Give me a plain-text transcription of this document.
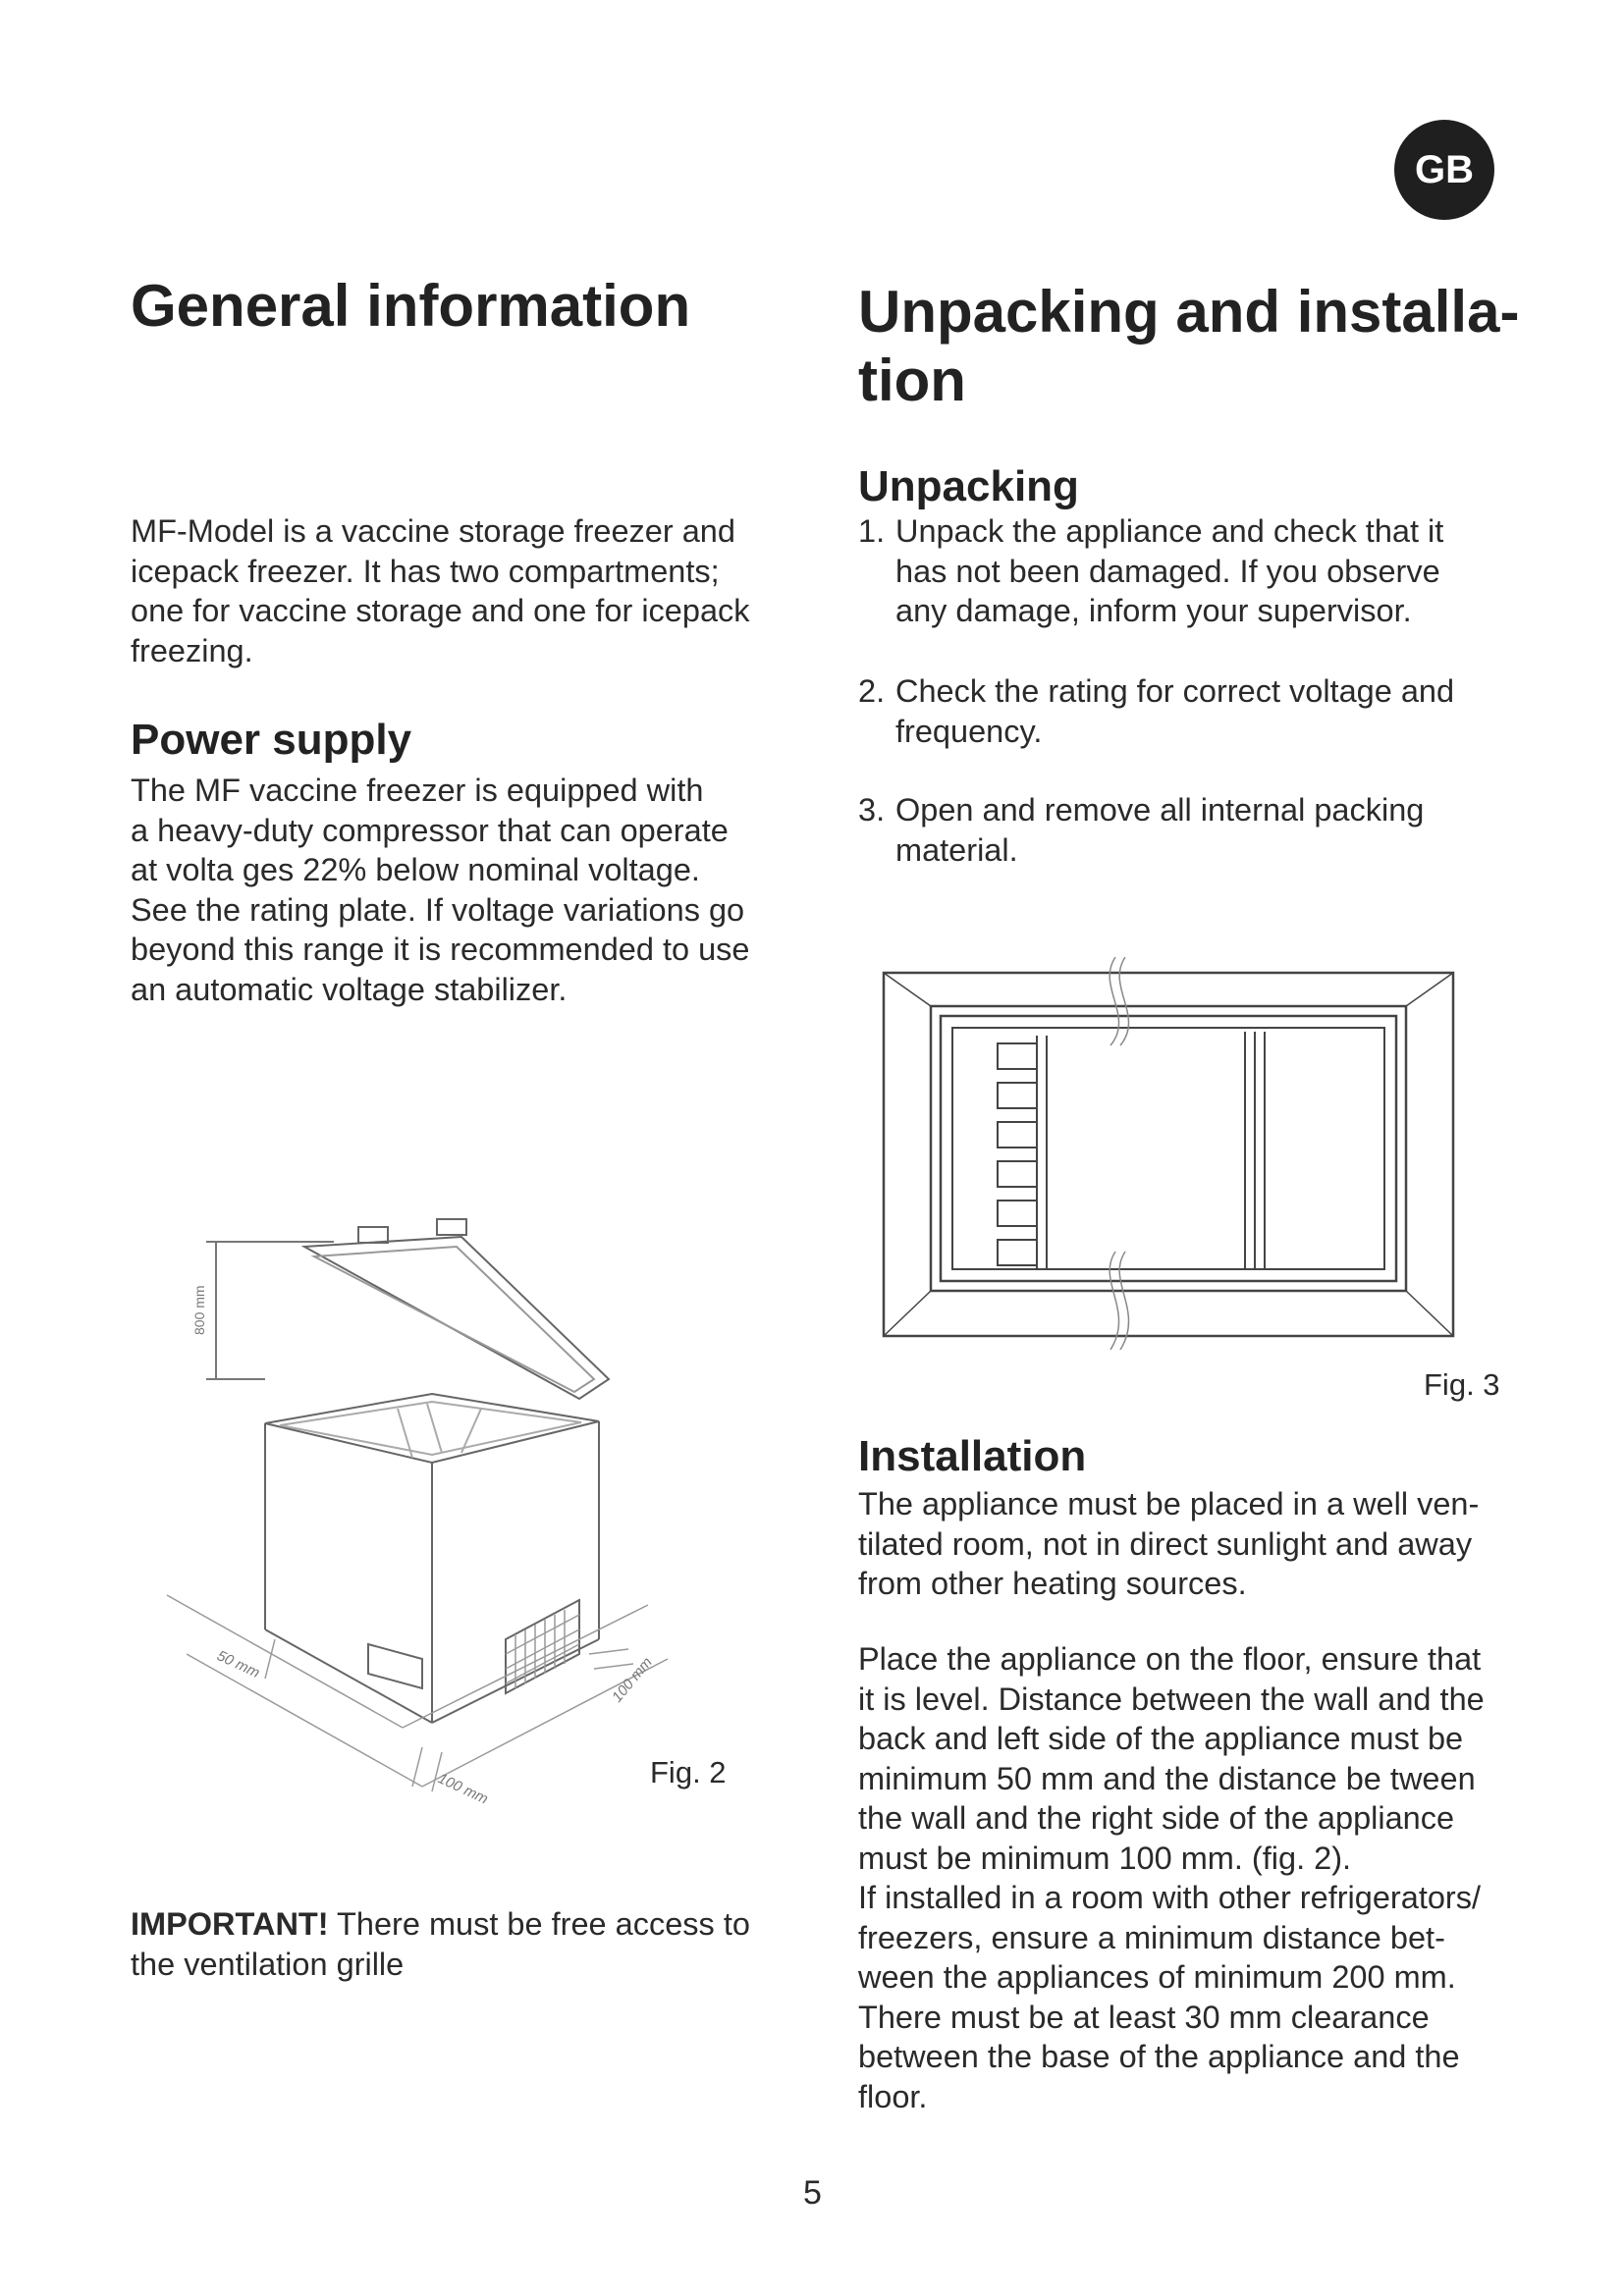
GB
General information
MF-Model is a vaccine storage freezer and
icepack freezer. It has two compartments;
one for vaccine storage and one for icepack
freezing.
Power supply
The MF vaccine freezer is equipped with
a heavy-duty compressor that can operate
at volta ges 22% below nominal voltage.
See the rating plate. If voltage variations go
beyond this range it is recommended to use
an automatic voltage stabilizer.
800 mm
50 mm
100 mm
100 mm
Fig. 2
IMPORTANT! There must be free access to
the ventilation grille
Unpacking and installa-
tion
Unpacking
1. Unpack the appliance and check that it
has not been damaged. If you observe
any damage, inform your supervisor.
2. Check the rating for correct voltage and
frequency.
3. Open and remove all internal packing
material.
Fig. 3
Installation
The appliance must be placed in a well ven-
tilated room, not in direct sunlight and away
from other heating sources.
Place the appliance on the floor, ensure that
it is level. Distance between the wall and the
back and left side of the appliance must be
minimum 50 mm and the distance be tween
the wall and the right side of the appliance
must be minimum 100 mm. (fig. 2).
If installed in a room with other refrigerators/
freezers, ensure a minimum distance bet-
ween the appliances of minimum 200 mm.
There must be at least 30 mm clearance
between the base of the appliance and the
floor.
5
